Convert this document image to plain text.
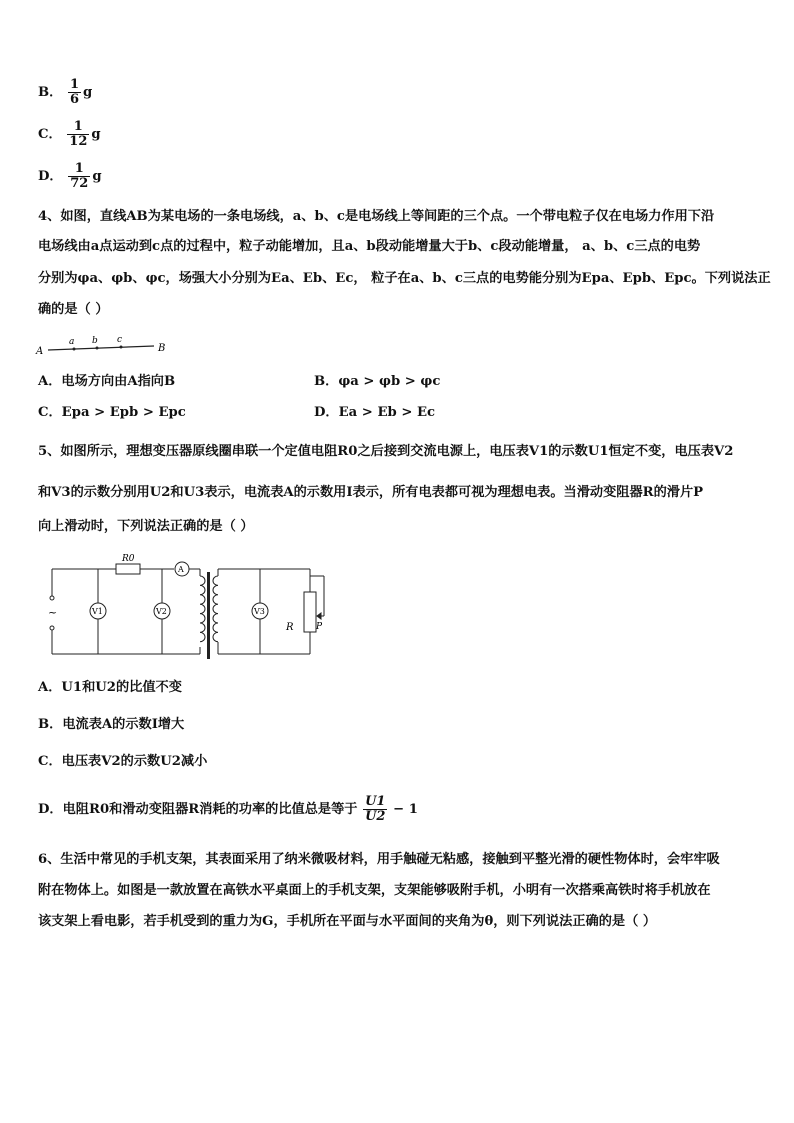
B． $\frac{1}{6}$ g
C． $\frac{1}{12}$ g
D． $\frac{1}{72}$ g
4、如图，直线AB为某电场的一条电场线，a、b、c是电场线上等间距的三个点。一个带电粒子仅在电场力作用下沿
电场线由a点运动到c点的过程中，粒子动能增加，且a、b段动能增量大于b、c段动能增量， a、b、c三点的电势
分别为φa、φb、φc，场强大小分别为Ea、Eb、Ec， 粒子在a、b、c三点的电势能分别为Epa、Epb、Epc。下列说法正
确的是（ ）
A	B
a b c
A．电场方向由A指向B	B．φa > φb > φc
C．Epa > Epb > Epc	D．Ea > Eb > Ec
5、如图所示，理想变压器原线圈串联一个定值电阻R0之后接到交流电源上，电压表V1的示数U1恒定不变，电压表V2
和V3的示数分别用U2和U3表示，电流表A的示数用I表示，所有电表都可视为理想电表。当滑动变阻器R的滑片P
向上滑动时，下列说法正确的是（ ）
~
R0
A
V1	V2	V3
R P
A．U1和U2的比值不变
B．电流表A的示数I增大
C．电压表V2的示数U2减小
D．电阻R0和滑动变阻器R消耗的功率的比值总是等于 $\frac{U1}{U2} - 1$
6、生活中常见的手机支架，其表面采用了纳米微吸材料，用手触碰无粘感，接触到平整光滑的硬性物体时，会牢牢吸
附在物体上。如图是一款放置在高铁水平桌面上的手机支架，支架能够吸附手机，小明有一次搭乘高铁时将手机放在
该支架上看电影，若手机受到的重力为G，手机所在平面与水平面间的夹角为θ，则下列说法正确的是（ ）
